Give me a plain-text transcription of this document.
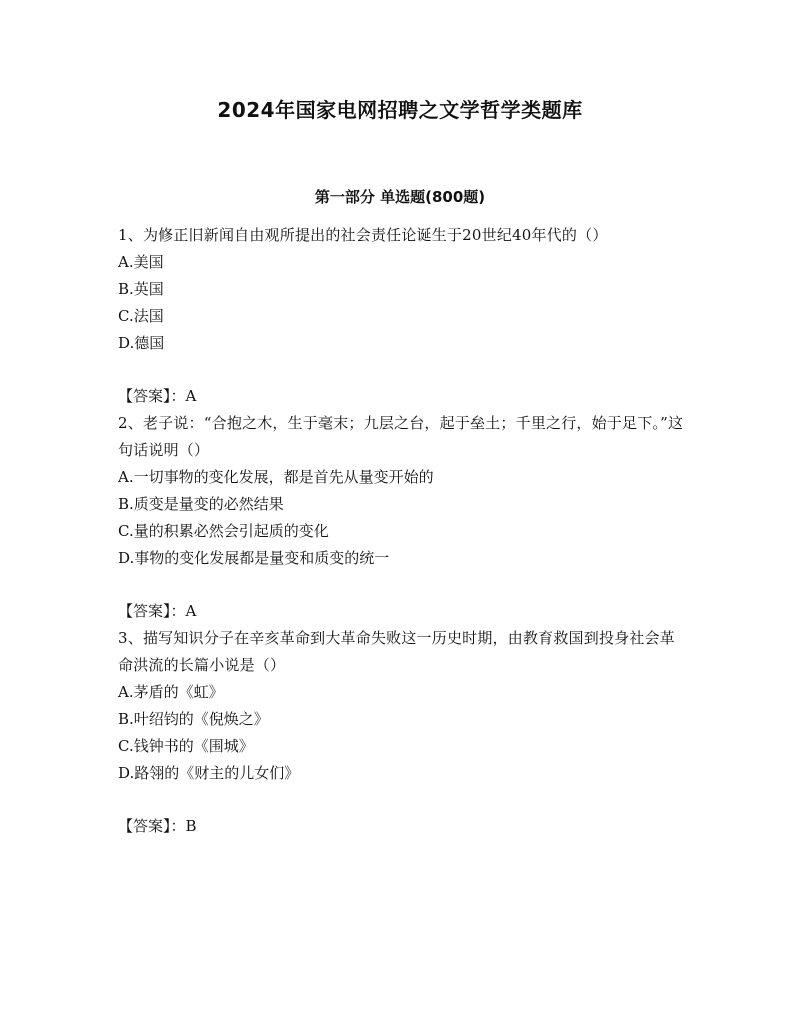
2024年国家电网招聘之文学哲学类题库
第一部分 单选题(800题)

1、为修正旧新闻自由观所提出的社会责任论诞生于20世纪40年代的（）

A.美国
B.英国
C.法国
D.德国
【答案】：A

2、老子说：“合抱之木，生于毫末；九层之台，起于垒土；千里之行，始于足下。”这句话说明（）

A.一切事物的变化发展，都是首先从量变开始的
B.质变是量变的必然结果
C.量的积累必然会引起质的变化
D.事物的变化发展都是量变和质变的统一
【答案】：A

3、描写知识分子在辛亥革命到大革命失败这一历史时期，由教育救国到投身社会革命洪流的长篇小说是（）

A.茅盾的《虹》
B.叶绍钧的《倪焕之》
C.钱钟书的《围城》
D.路翎的《财主的儿女们》
【答案】：B
